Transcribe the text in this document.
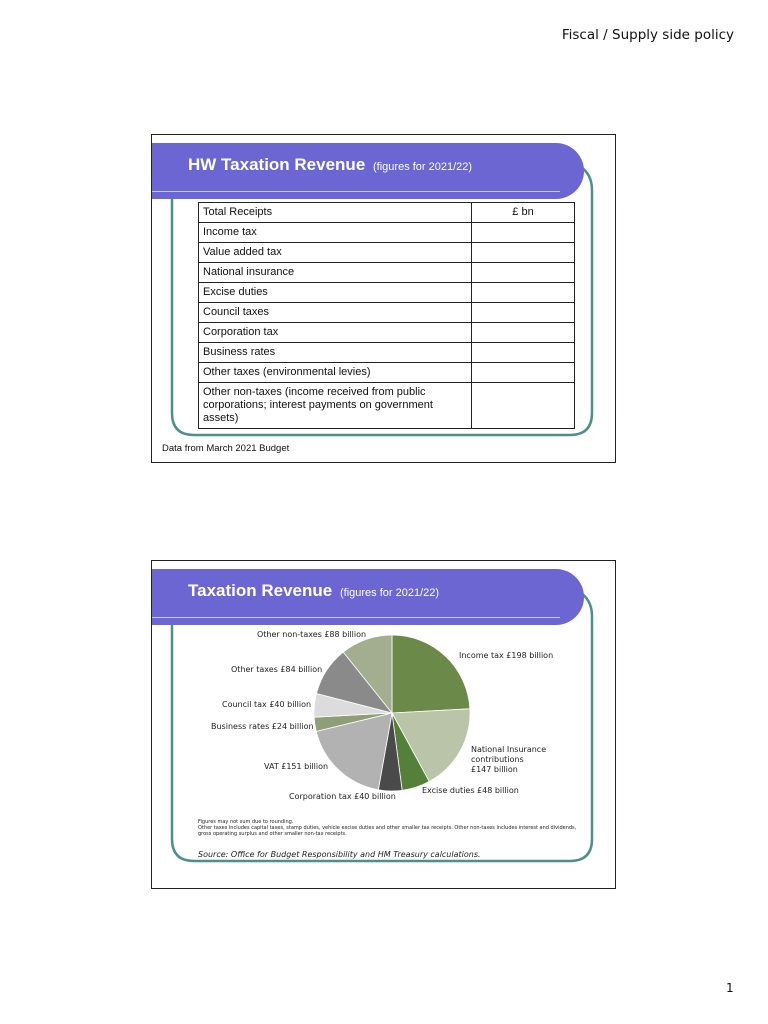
Fiscal / Supply side policy
HW Taxation Revenue (figures for 2021/22)
Total Receipts	£ bn
Income tax	
Value added tax	
National insurance	
Excise duties	
Council taxes	
Corporation tax	
Business rates	
Other taxes (environmental levies)	
Other non-taxes (income received from public corporations; interest payments on government assets)	
Data from March 2021 Budget
Taxation Revenue (figures for 2021/22)
Other non-taxes £88 billion
Income tax £198 billion
Other taxes £84 billion
Council tax £40 billion
Business rates £24 billion
National Insurance
contributions
£147 billion
VAT £151 billion
Excise duties £48 billion
Corporation tax £40 billion
Figures may not sum due to rounding.
Other taxes includes capital taxes, stamp duties, vehicle excise duties and other smaller tax receipts. Other non-taxes includes interest and dividends, gross operating surplus and other smaller non-tax receipts.
Source: Office for Budget Responsibility and HM Treasury calculations.
1
